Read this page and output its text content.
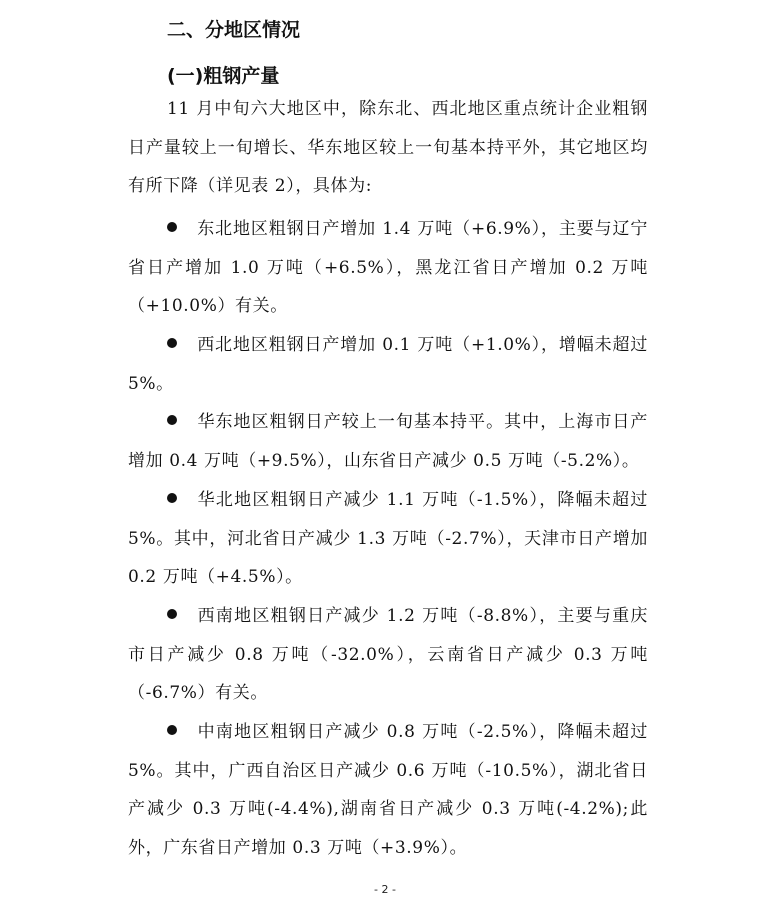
二、分地区情况
(一)粗钢产量

11 月中旬六大地区中，除东北、西北地区重点统计企业粗钢日产量较上一旬增长、华东地区较上一旬基本持平外，其它地区均有所下降（详见表 2），具体为:

东北地区粗钢日产增加 1.4 万吨（+6.9%），主要与辽宁省日产增加 1.0 万吨（+6.5%），黑龙江省日产增加 0.2 万吨（+10.0%）有关。

西北地区粗钢日产增加 0.1 万吨（+1.0%），增幅未超过 5%。

华东地区粗钢日产较上一旬基本持平。其中，上海市日产增加 0.4 万吨（+9.5%），山东省日产减少 0.5 万吨（-5.2%）。

华北地区粗钢日产减少 1.1 万吨（-1.5%），降幅未超过 5%。其中，河北省日产减少 1.3 万吨（-2.7%），天津市日产增加 0.2 万吨（+4.5%）。

西南地区粗钢日产减少 1.2 万吨（-8.8%），主要与重庆市日产减少 0.8 万吨（-32.0%），云南省日产减少 0.3 万吨（-6.7%）有关。

中南地区粗钢日产减少 0.8 万吨（-2.5%），降幅未超过 5%。其中，广西自治区日产减少 0.6 万吨（-10.5%），湖北省日产减少 0.3 万吨(-4.4%),湖南省日产减少 0.3 万吨(-4.2%);此外，广东省日产增加 0.3 万吨（+3.9%）。

- 2 -
